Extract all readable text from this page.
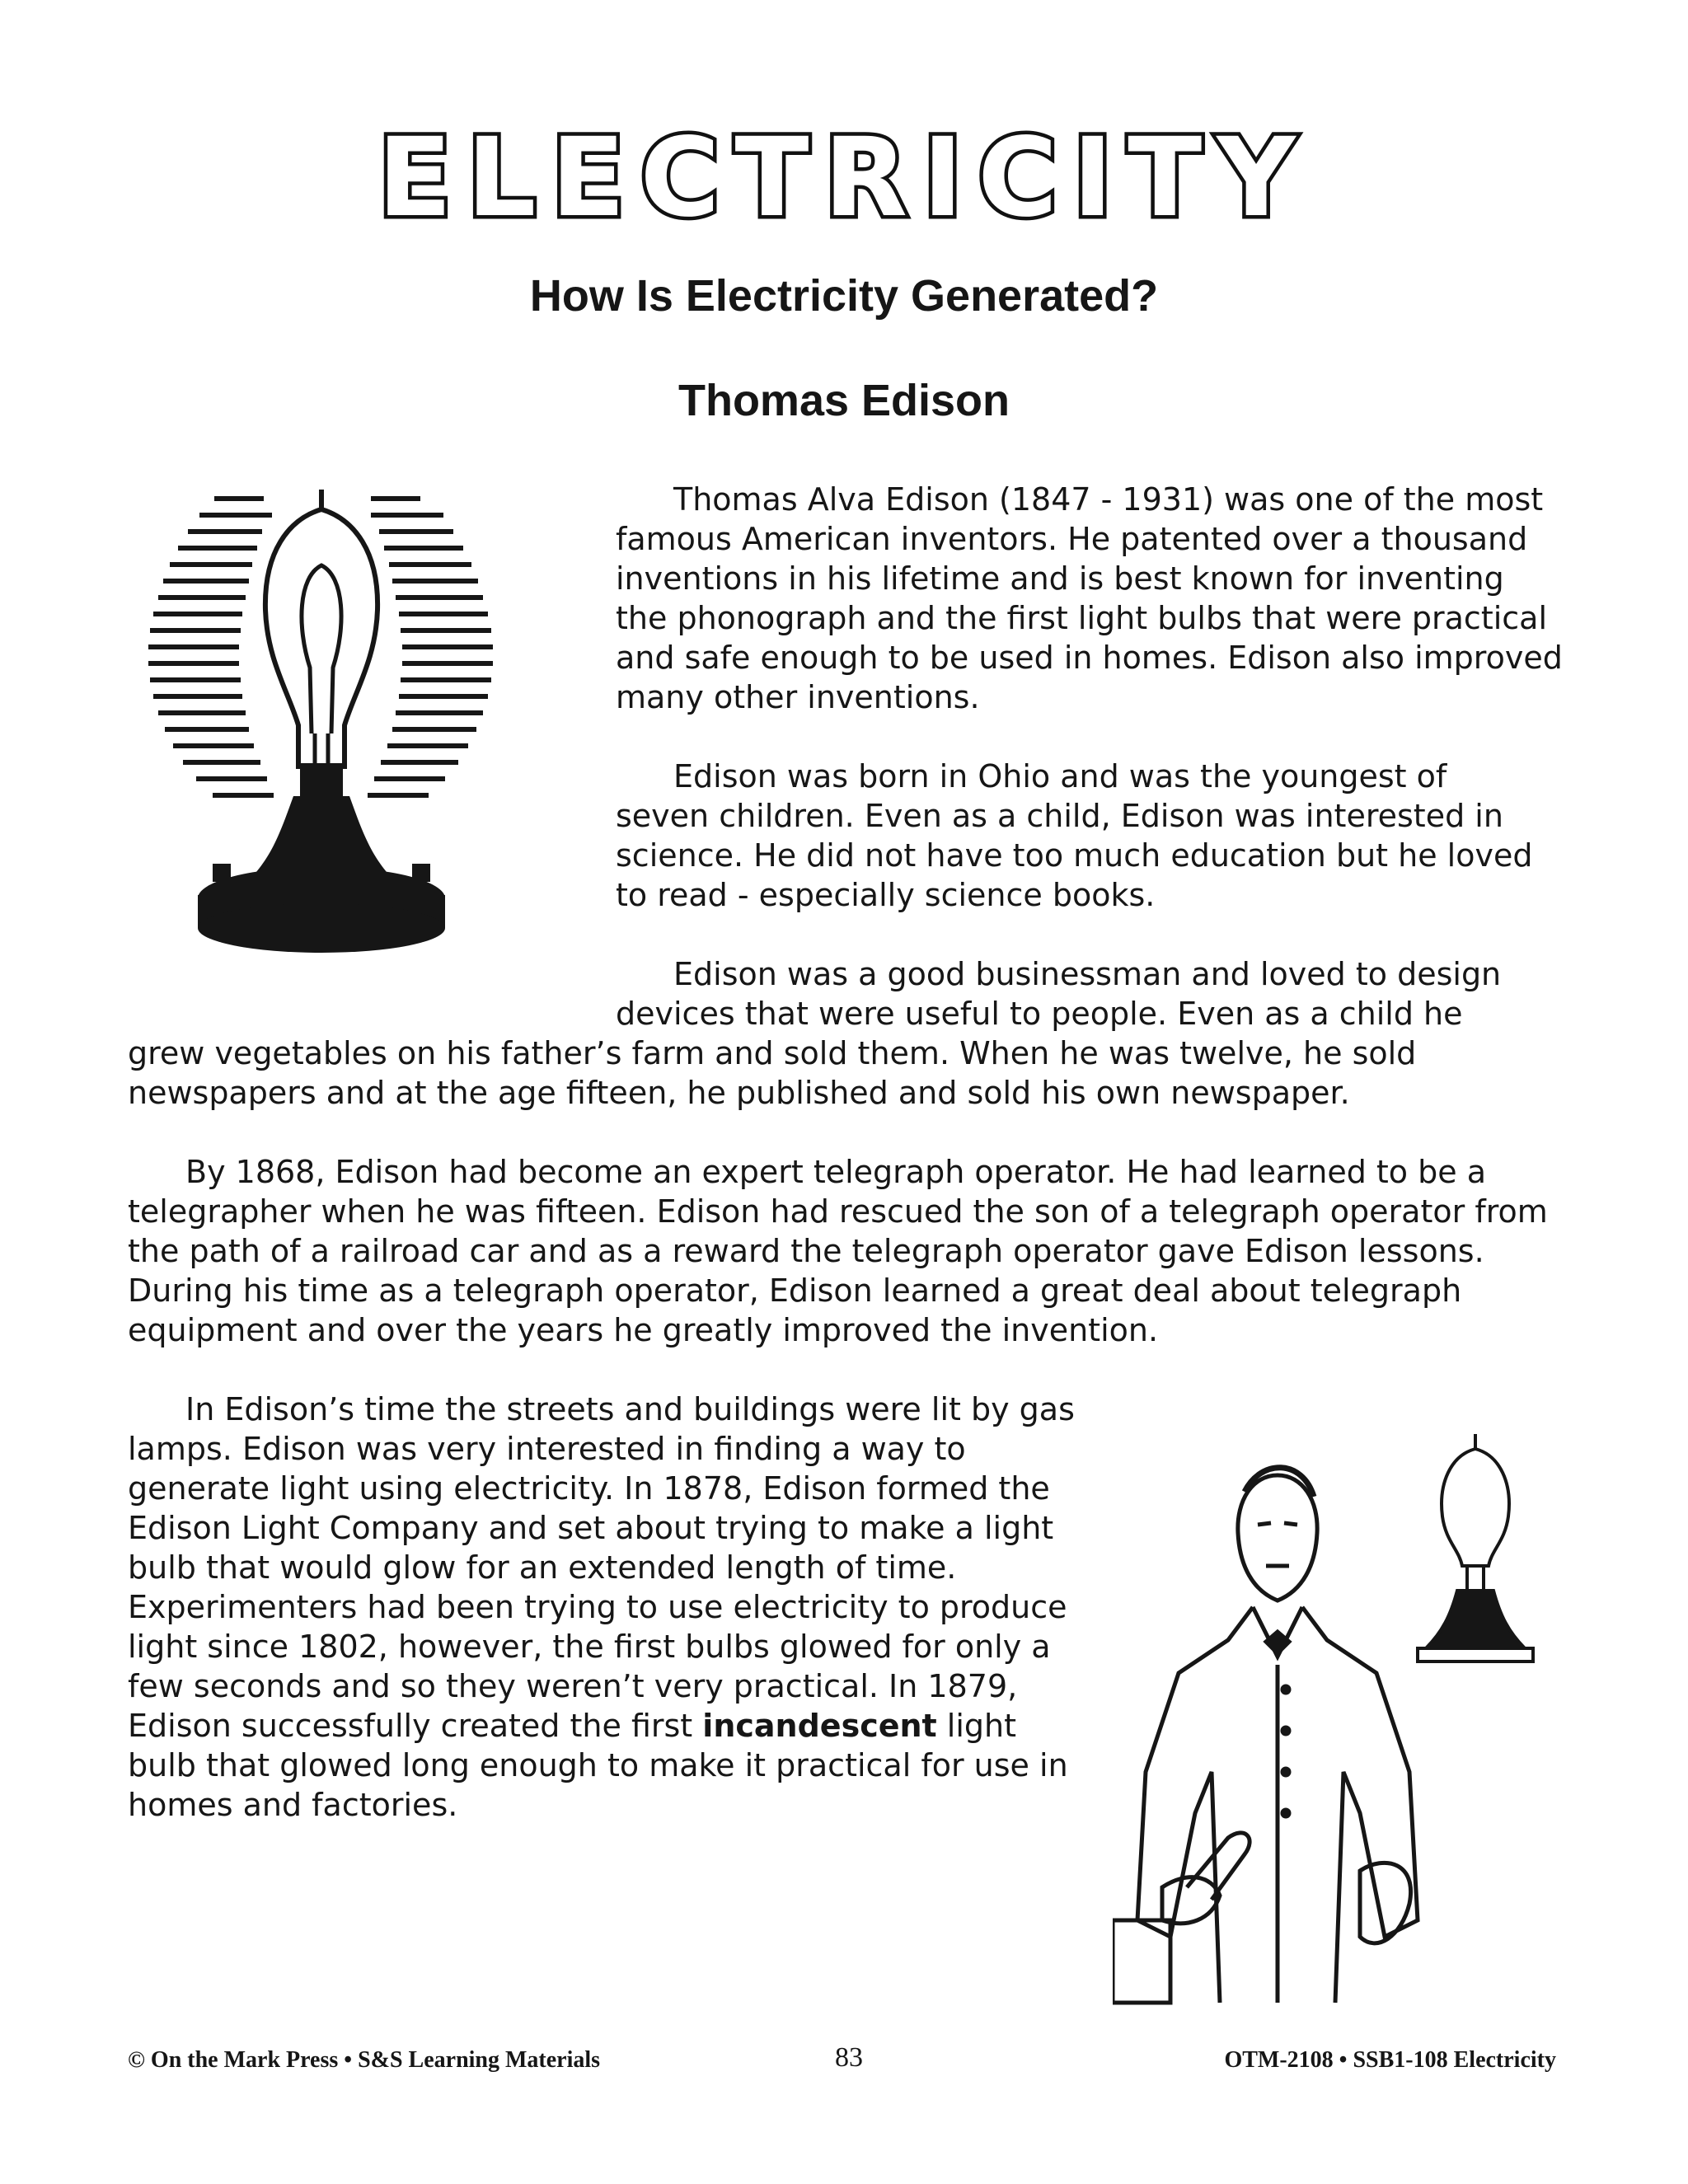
ELECTRICITY
How Is Electricity Generated?
Thomas Edison

Thomas Alva Edison (1847 - 1931) was one of the most famous American inventors. He patented over a thousand inventions in his lifetime and is best known for inventing the phonograph and the first light bulbs that were practical and safe enough to be used in homes. Edison also improved many other inventions.

Edison was born in Ohio and was the youngest of seven children. Even as a child, Edison was interested in science. He did not have too much education but he loved to read - especially science books.

Edison was a good businessman and loved to design devices that were useful to people. Even as a child he

grew vegetables on his father’s farm and sold them. When he was twelve, he sold newspapers and at the age fifteen, he published and sold his own newspaper.

By 1868, Edison had become an expert telegraph operator. He had learned to be a telegrapher when he was fifteen. Edison had rescued the son of a telegraph operator from the path of a railroad car and as a reward the telegraph operator gave Edison lessons. During his time as a telegraph operator, Edison learned a great deal about telegraph equipment and over the years he greatly improved the invention.

In Edison’s time the streets and buildings were lit by gas lamps. Edison was very interested in finding a way to generate light using electricity. In 1878, Edison formed the Edison Light Company and set about trying to make a light bulb that would glow for an extended length of time. Experimenters had been trying to use electricity to produce light since 1802, however, the first bulbs glowed for only a few seconds and so they weren’t very practical. In 1879, Edison successfully created the first incandescent light bulb that glowed long enough to make it practical for use in homes and factories.

© On the Mark Press • S&S Learning Materials	83	OTM-2108 • SSB1-108 Electricity
